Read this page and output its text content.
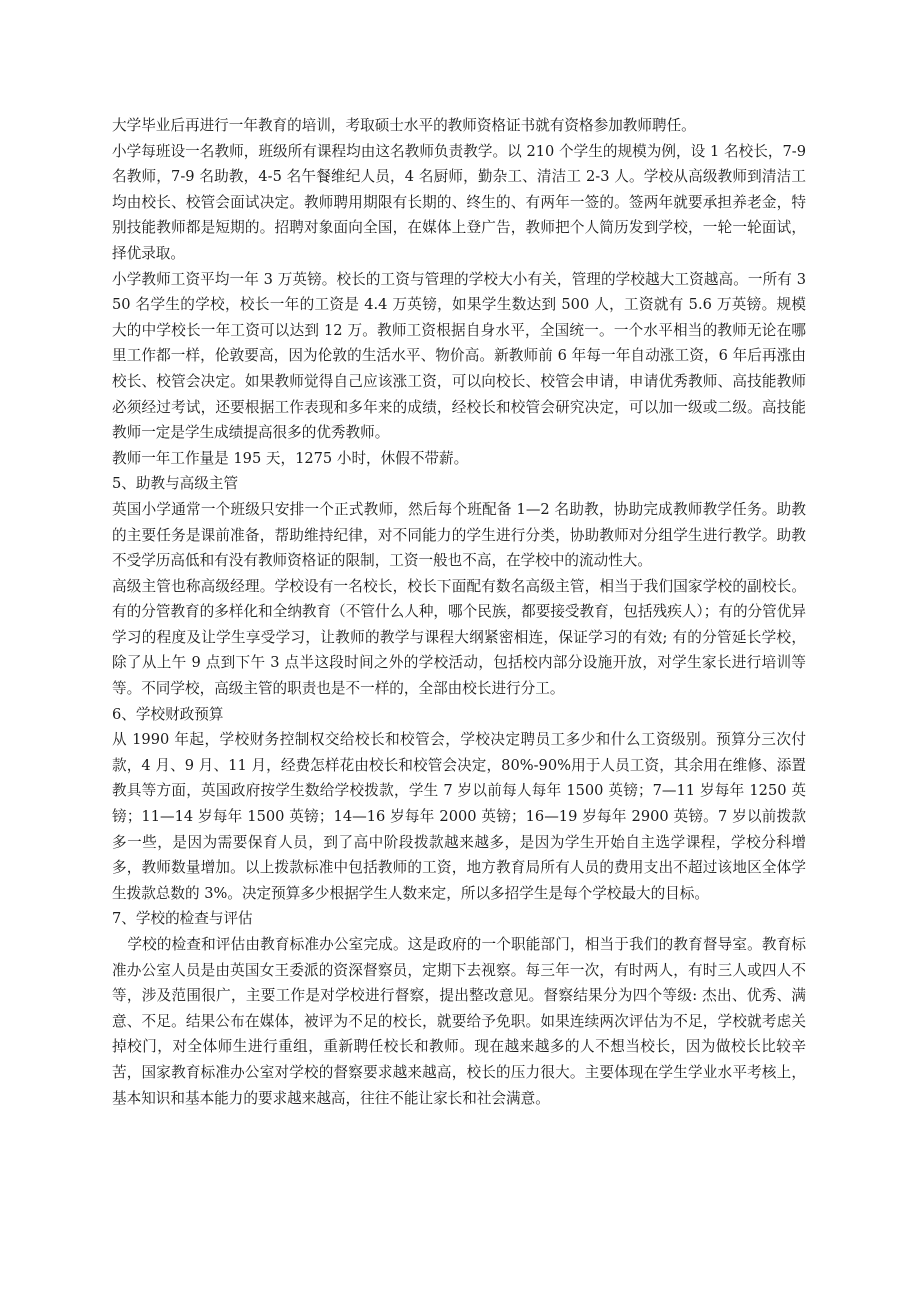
大学毕业后再进行一年教育的培训，考取硕士水平的教师资格证书就有资格参加教师聘任。

小学每班设一名教师，班级所有课程均由这名教师负责教学。以 210 个学生的规模为例，设 1 名校长，7-9 名教师，7-9 名助教，4-5 名午餐维纪人员，4 名厨师，勤杂工、清洁工 2-3 人。学校从高级教师到清洁工均由校长、校管会面试决定。教师聘用期限有长期的、终生的、有两年一签的。签两年就要承担养老金，特别技能教师都是短期的。招聘对象面向全国，在媒体上登广告，教师把个人简历发到学校，一轮一轮面试，择优录取。

小学教师工资平均一年 3 万英镑。校长的工资与管理的学校大小有关，管理的学校越大工资越高。一所有 350 名学生的学校，校长一年的工资是 4.4 万英镑，如果学生数达到 500 人，工资就有 5.6 万英镑。规模大的中学校长一年工资可以达到 12 万。教师工资根据自身水平，全国统一。一个水平相当的教师无论在哪里工作都一样，伦敦要高，因为伦敦的生活水平、物价高。新教师前 6 年每一年自动涨工资，6 年后再涨由校长、校管会决定。如果教师觉得自己应该涨工资，可以向校长、校管会申请，申请优秀教师、高技能教师必须经过考试，还要根据工作表现和多年来的成绩，经校长和校管会研究决定，可以加一级或二级。高技能教师一定是学生成绩提高很多的优秀教师。

教师一年工作量是 195 天，1275 小时，休假不带薪。

5、助教与高级主管

英国小学通常一个班级只安排一个正式教师，然后每个班配备 1—2 名助教，协助完成教师教学任务。助教的主要任务是课前准备，帮助维持纪律，对不同能力的学生进行分类，协助教师对分组学生进行教学。助教不受学历高低和有没有教师资格证的限制，工资一般也不高，在学校中的流动性大。

高级主管也称高级经理。学校设有一名校长，校长下面配有数名高级主管，相当于我们国家学校的副校长。有的分管教育的多样化和全纳教育（不管什么人种，哪个民族，都要接受教育，包括残疾人）；有的分管优异学习的程度及让学生享受学习，让教师的教学与课程大纲紧密相连，保证学习的有效; 有的分管延长学校，除了从上午 9 点到下午 3 点半这段时间之外的学校活动，包括校内部分设施开放，对学生家长进行培训等等。不同学校，高级主管的职责也是不一样的，全部由校长进行分工。

6、学校财政预算

从 1990 年起，学校财务控制权交给校长和校管会，学校决定聘员工多少和什么工资级别。预算分三次付款，4 月、9 月、11 月，经费怎样花由校长和校管会决定，80%-90%用于人员工资，其余用在维修、添置教具等方面，英国政府按学生数给学校拨款，学生 7 岁以前每人每年 1500 英镑；7—11 岁每年 1250 英镑；11—14 岁每年 1500 英镑；14—16 岁每年 2000 英镑；16—19 岁每年 2900 英镑。7 岁以前拨款多一些，是因为需要保育人员，到了高中阶段拨款越来越多，是因为学生开始自主选学课程，学校分科增多，教师数量增加。以上拨款标准中包括教师的工资，地方教育局所有人员的费用支出不超过该地区全体学生拨款总数的 3%。决定预算多少根据学生人数来定，所以多招学生是每个学校最大的目标。

7、学校的检查与评估

学校的检查和评估由教育标准办公室完成。这是政府的一个职能部门，相当于我们的教育督导室。教育标准办公室人员是由英国女王委派的资深督察员，定期下去视察。每三年一次，有时两人，有时三人或四人不等，涉及范围很广，主要工作是对学校进行督察，提出整改意见。督察结果分为四个等级: 杰出、优秀、满意、不足。结果公布在媒体，被评为不足的校长，就要给予免职。如果连续两次评估为不足，学校就考虑关掉校门，对全体师生进行重组，重新聘任校长和教师。现在越来越多的人不想当校长，因为做校长比较辛苦，国家教育标准办公室对学校的督察要求越来越高，校长的压力很大。主要体现在学生学业水平考核上，基本知识和基本能力的要求越来越高，往往不能让家长和社会满意。
